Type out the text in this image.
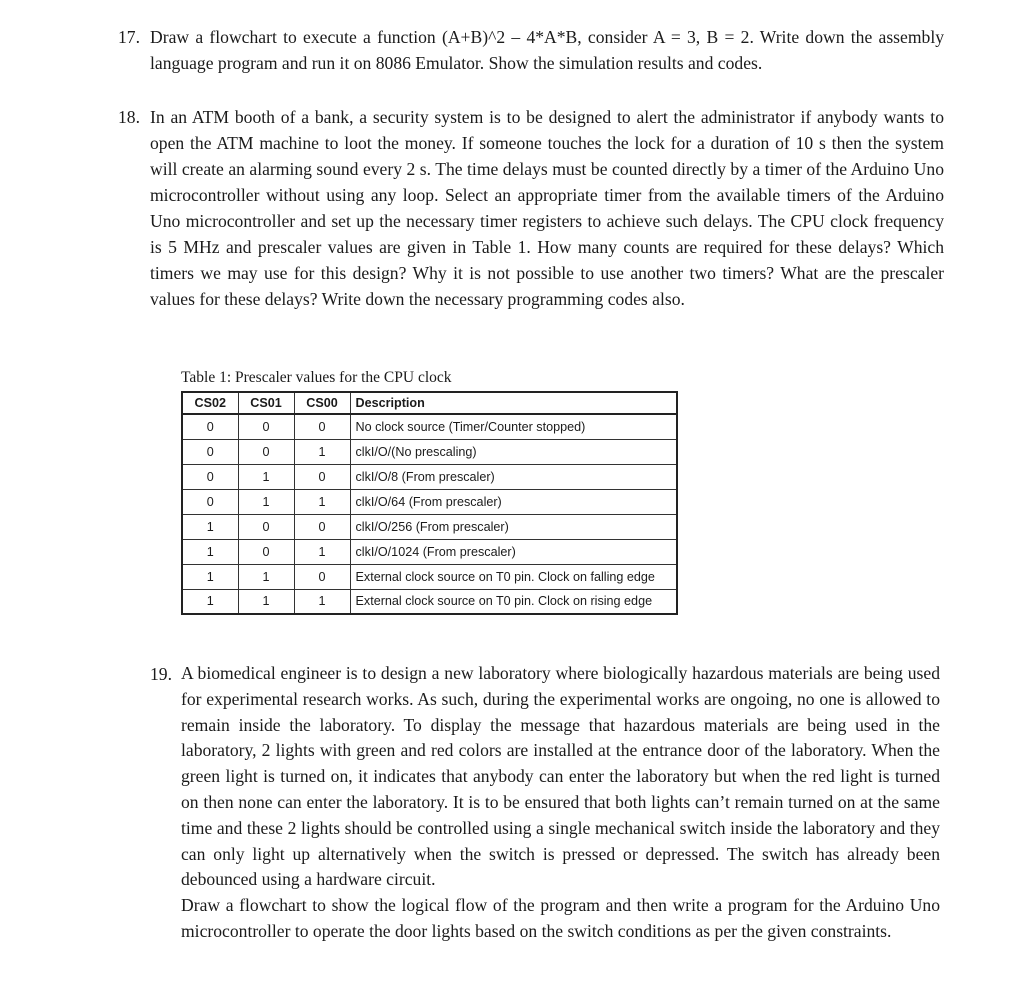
17. Draw a flowchart to execute a function (A+B)^2 – 4*A*B, consider A = 3, B = 2. Write down the assembly language program and run it on 8086 Emulator. Show the simulation results and codes.

18. In an ATM booth of a bank, a security system is to be designed to alert the administrator if anybody wants to open the ATM machine to loot the money. If someone touches the lock for a duration of 10 s then the system will create an alarming sound every 2 s. The time delays must be counted directly by a timer of the Arduino Uno microcontroller without using any loop. Select an appropriate timer from the available timers of the Arduino Uno microcontroller and set up the necessary timer registers to achieve such delays. The CPU clock frequency is 5 MHz and prescaler values are given in Table 1. How many counts are required for these delays? Which timers we may use for this design? Why it is not possible to use another two timers? What are the prescaler values for these delays? Write down the necessary programming codes also.

Table 1: Prescaler values for the CPU clock
CS02	CS01	CS00	Description
0	0	0	No clock source (Timer/Counter stopped)
0	0	1	clkI/O/(No prescaling)
0	1	0	clkI/O/8 (From prescaler)
0	1	1	clkI/O/64 (From prescaler)
1	0	0	clkI/O/256 (From prescaler)
1	0	1	clkI/O/1024 (From prescaler)
1	1	0	External clock source on T0 pin. Clock on falling edge
1	1	1	External clock source on T0 pin. Clock on rising edge
19. A biomedical engineer is to design a new laboratory where biologically hazardous materials are being used for experimental research works. As such, during the experimental works are ongoing, no one is allowed to remain inside the laboratory. To display the message that hazardous materials are being used in the laboratory, 2 lights with green and red colors are installed at the entrance door of the laboratory. When the green light is turned on, it indicates that anybody can enter the laboratory but when the red light is turned on then none can enter the laboratory. It is to be ensured that both lights can’t remain turned on at the same time and these 2 lights should be controlled using a single mechanical switch inside the laboratory and they can only light up alternatively when the switch is pressed or depressed. The switch has already been debounced using a hardware circuit.

Draw a flowchart to show the logical flow of the program and then write a program for the Arduino Uno microcontroller to operate the door lights based on the switch conditions as per the given constraints.
